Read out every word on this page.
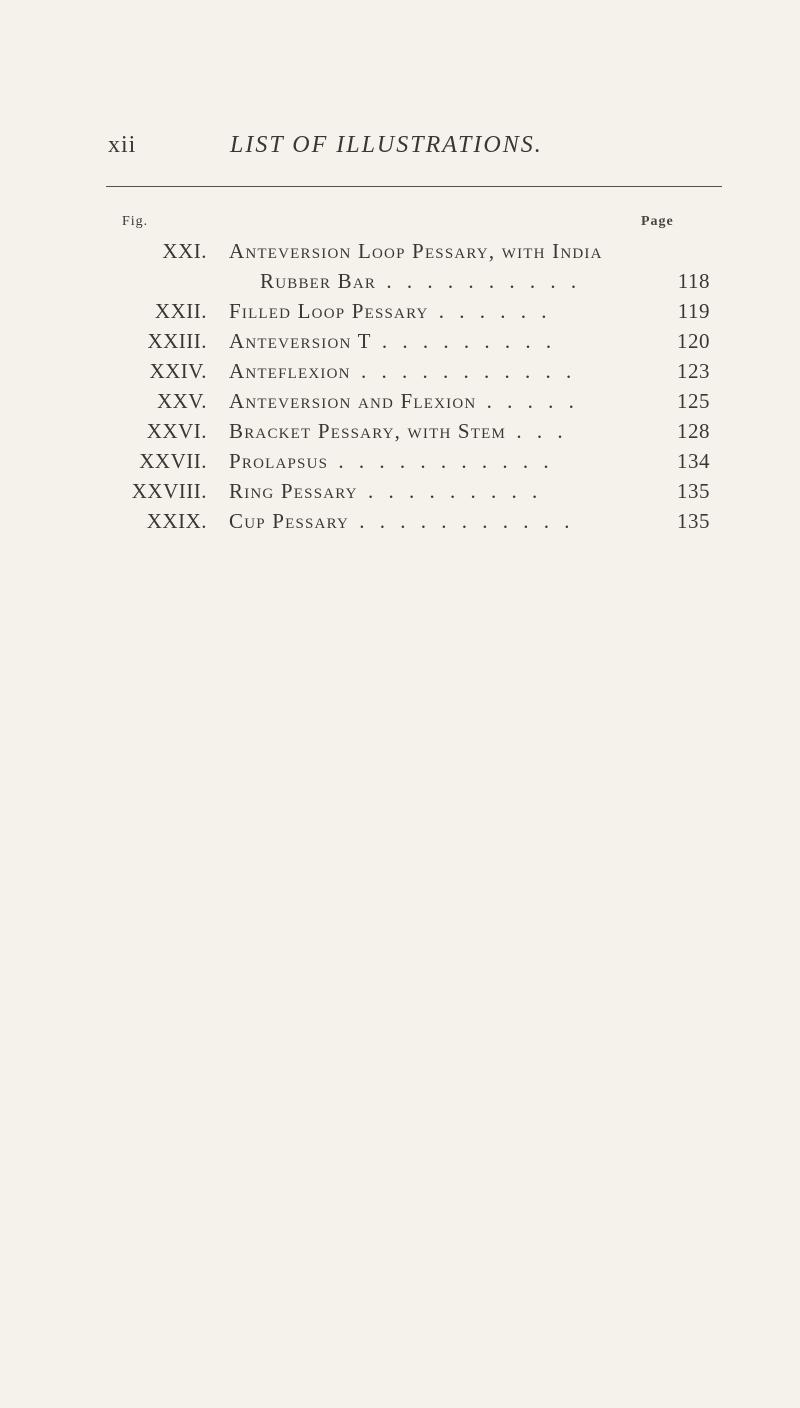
xii	LIST OF ILLUSTRATIONS.
Fig.	Page
XXI. Anteversion Loop Pessary, with India
Rubber Bar . . . . . . . . . .	118
XXII. Filled Loop Pessary . . . . . .	119
XXIII. Anteversion T . . . . . . . . .	120
XXIV. Anteflexion . . . . . . . . . . .	123
XXV. Anteversion and Flexion . . . . .	125
XXVI. Bracket Pessary, with Stem . . .	128
XXVII. Prolapsus . . . . . . . . . . .	134
XXVIII. Ring Pessary . . . . . . . . .	135
XXIX. Cup Pessary . . . . . . . . . . .	135
